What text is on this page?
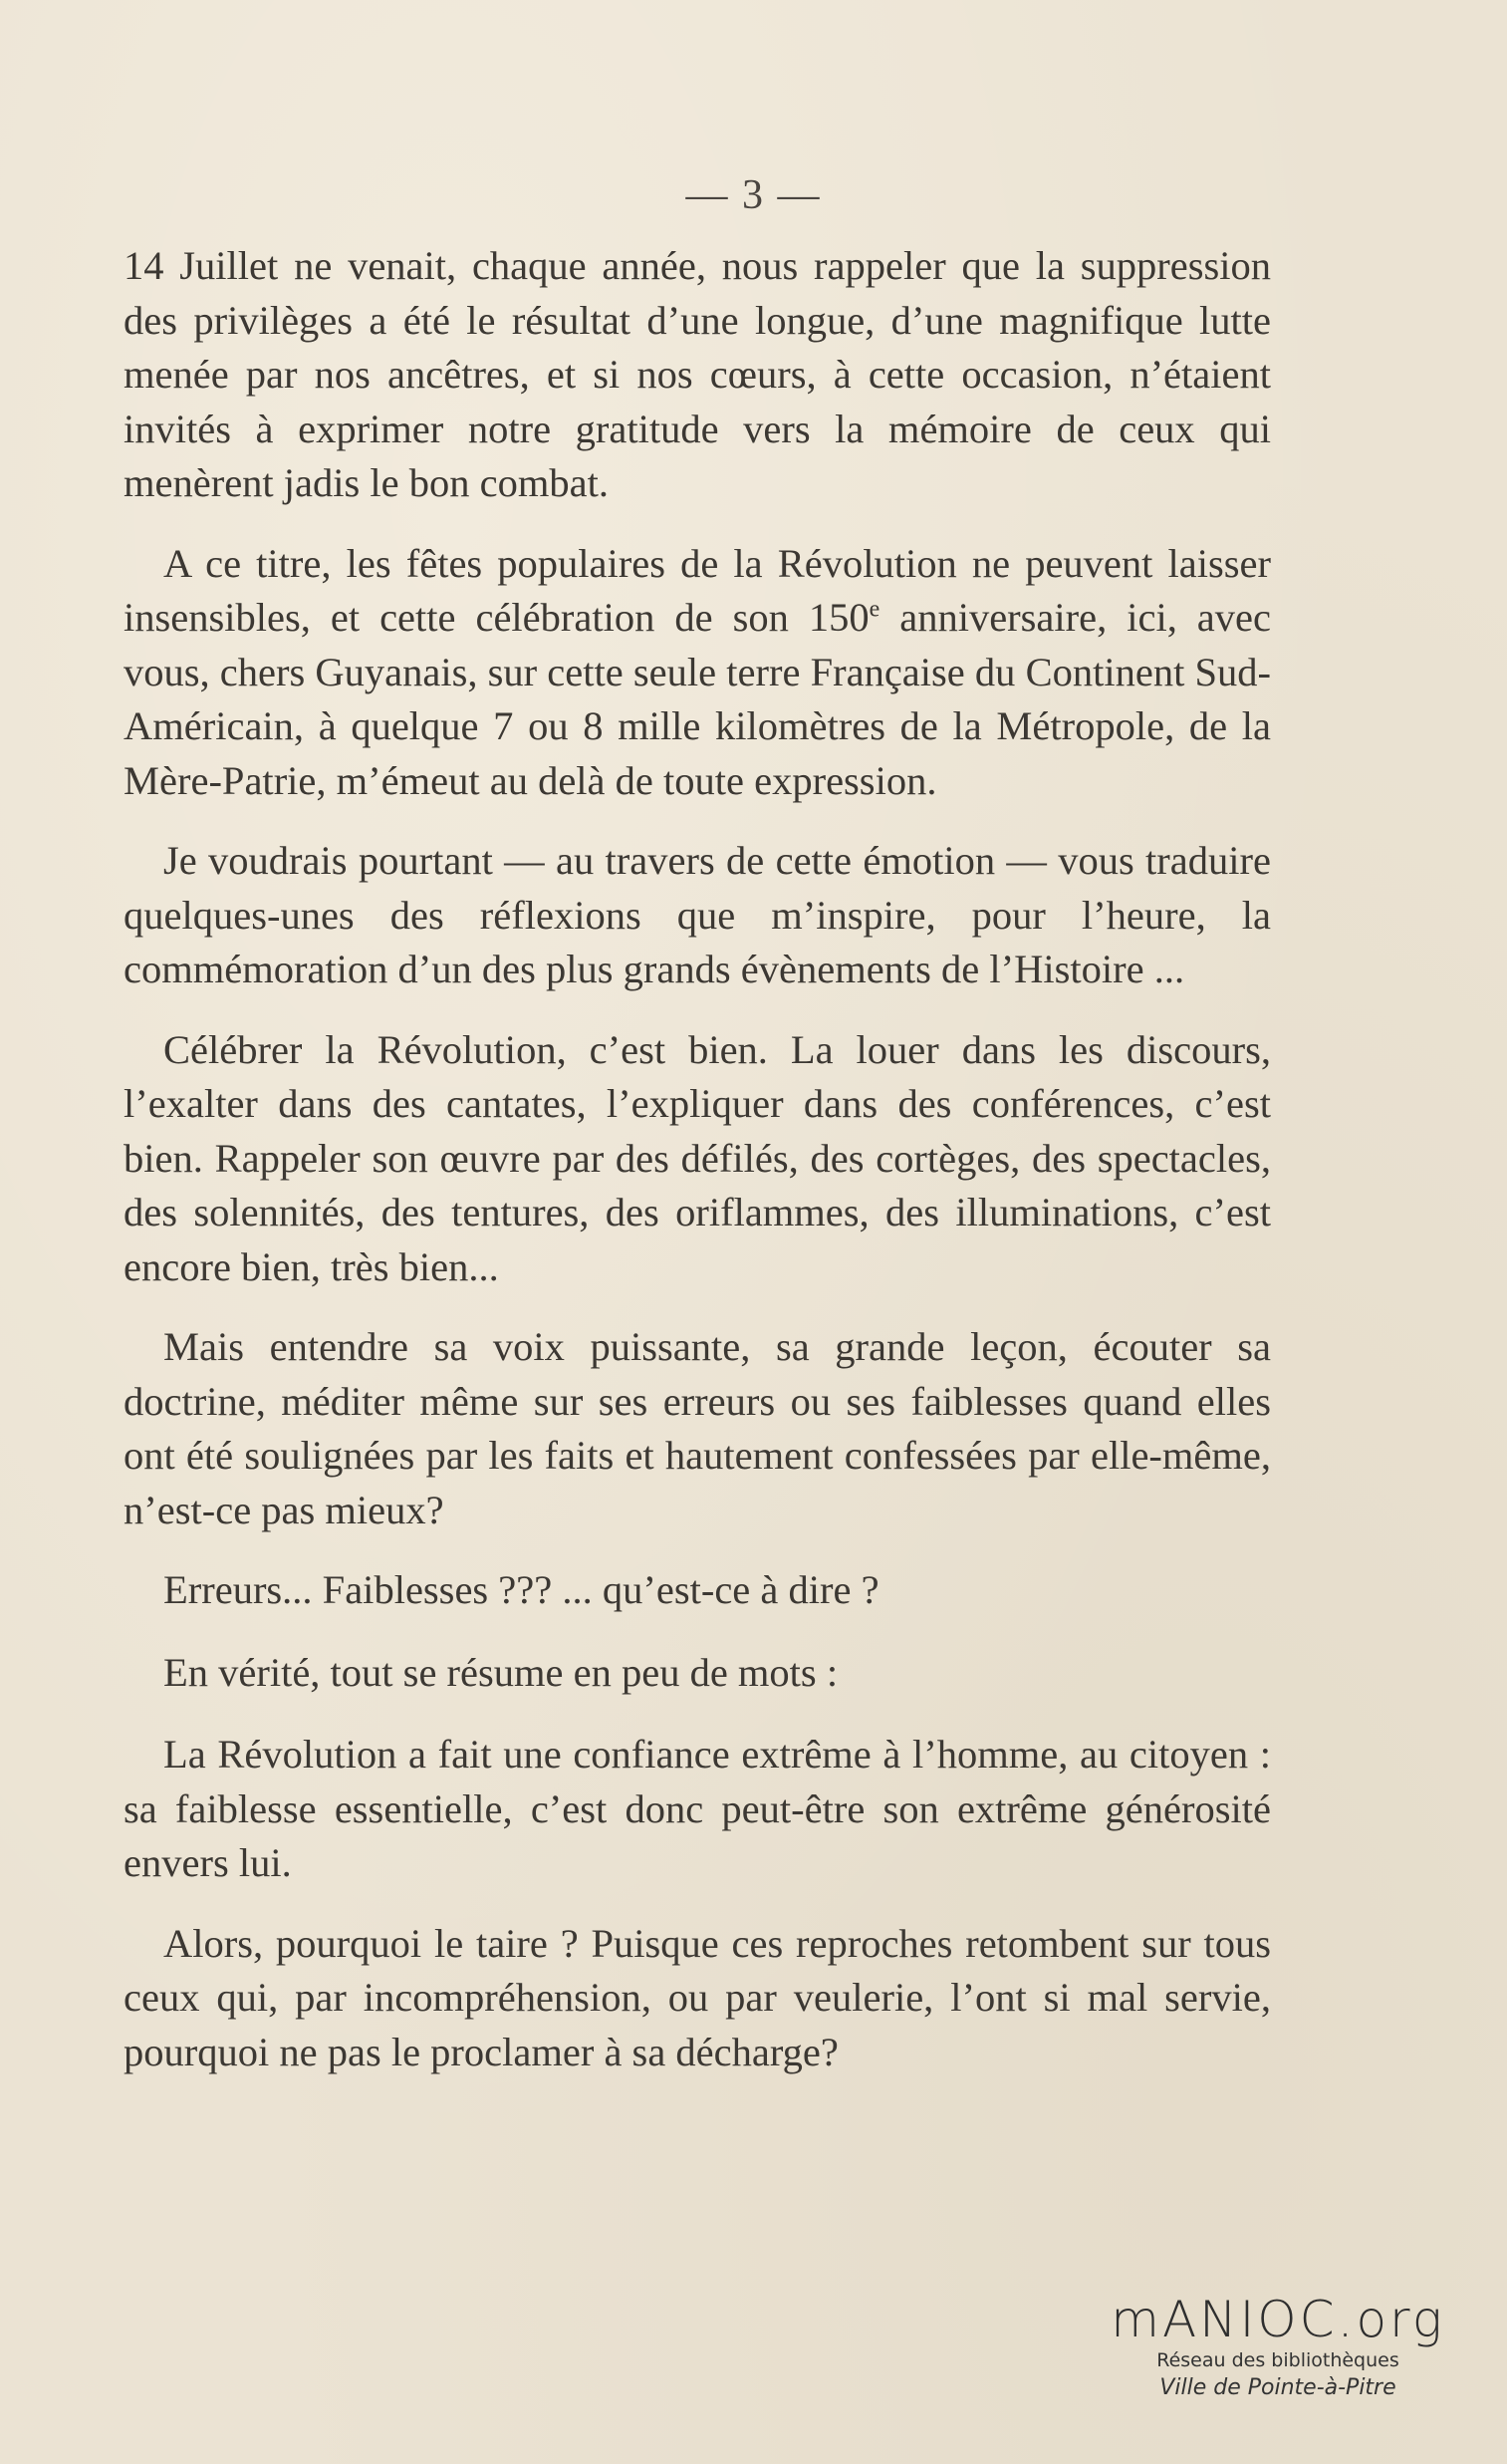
— 3 —

14 Juillet ne venait, chaque année, nous rappeler que la suppression des privilèges a été le résultat d’une longue, d’une magnifique lutte menée par nos ancêtres, et si nos cœurs, à cette occasion, n’étaient invités à exprimer notre gratitude vers la mémoire de ceux qui menèrent jadis le bon combat.

A ce titre, les fêtes populaires de la Révolution ne peuvent laisser insensibles, et cette célébration de son 150e anniversaire, ici, avec vous, chers Guyanais, sur cette seule terre Française du Continent Sud-Américain, à quelque 7 ou 8 mille kilomètres de la Métropole, de la Mère-Patrie, m’émeut au delà de toute expression.

Je voudrais pourtant — au travers de cette émotion — vous traduire quelques-unes des réflexions que m’inspire, pour l’heure, la commémoration d’un des plus grands évènements de l’Histoire ...

Célébrer la Révolution, c’est bien. La louer dans les discours, l’exalter dans des cantates, l’expliquer dans des conférences, c’est bien. Rappeler son œuvre par des défilés, des cortèges, des spectacles, des solennités, des tentures, des oriflammes, des illuminations, c’est encore bien, très bien...

Mais entendre sa voix puissante, sa grande leçon, écouter sa doctrine, méditer même sur ses erreurs ou ses faiblesses quand elles ont été soulignées par les faits et hautement confessées par elle-même, n’est-ce pas mieux?

Erreurs... Faiblesses ??? ... qu’est-ce à dire ?

En vérité, tout se résume en peu de mots :

La Révolution a fait une confiance extrême à l’homme, au citoyen : sa faiblesse essentielle, c’est donc peut-être son extrême générosité envers lui.

Alors, pourquoi le taire ? Puisque ces reproches retombent sur tous ceux qui, par incompréhension, ou par veulerie, l’ont si mal servie, pourquoi ne pas le proclamer à sa décharge?

mANIOC.org
Réseau des bibliothèques
Ville de Pointe-à-Pitre
